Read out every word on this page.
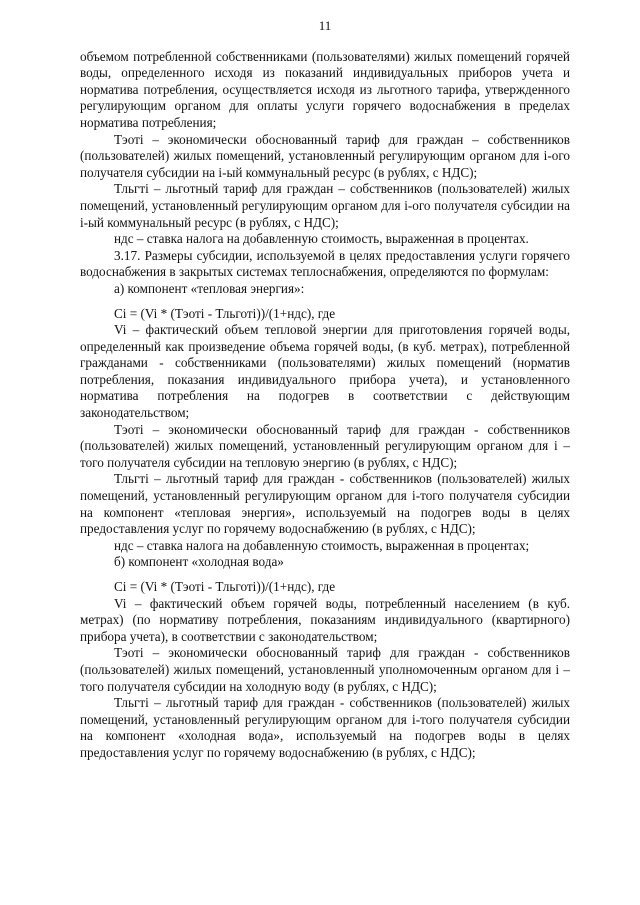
11

объемом потребленной собственниками (пользователями) жилых помещений горячей воды, определенного исходя из показаний индивидуальных приборов учета и норматива потребления, осуществляется исходя из льготного тарифа, утвержденного регулирующим органом для оплаты услуги горячего водоснабжения в пределах норматива потребления;

Тэотi – экономически обоснованный тариф для граждан – собственников (пользователей) жилых помещений, установленный регулирующим органом для i-ого получателя субсидии на i-ый коммунальный ресурс (в рублях, с НДС);

Тльгтi – льготный тариф для граждан – собственников (пользователей) жилых помещений, установленный регулирующим органом для i-ого получателя субсидии на i-ый коммунальный ресурс (в рублях, с НДС);

ндс – ставка налога на добавленную стоимость, выраженная в процентах.

3.17. Размеры субсидии, используемой в целях предоставления услуги горячего водоснабжения в закрытых системах теплоснабжения, определяются по формулам:

а) компонент «тепловая энергия»:

Ci = (Vi * (Тэотi - Тльготi))/(1+ндс), где

Vi – фактический объем тепловой энергии для приготовления горячей воды, определенный как произведение объема горячей воды, (в куб. метрах), потребленной гражданами - собственниками (пользователями) жилых помещений (норматив потребления, показания индивидуального прибора учета), и установленного норматива потребления на подогрев в соответствии с действующим законодательством;

Тэотi – экономически обоснованный тариф для граждан - собственников (пользователей) жилых помещений, установленный регулирующим органом для i –того получателя субсидии на тепловую энергию (в рублях, с НДС);

Тльгтi – льготный тариф для граждан - собственников (пользователей) жилых помещений, установленный регулирующим органом для i-того получателя субсидии на компонент «тепловая энергия», используемый на подогрев воды в целях предоставления услуг по горячему водоснабжению (в рублях, с НДС);

ндс – ставка налога на добавленную стоимость, выраженная в процентах;

б) компонент «холодная вода»

Ci = (Vi * (Тэотi - Тльготi))/(1+ндс), где

Vi – фактический объем горячей воды, потребленный населением (в куб. метрах) (по нормативу потребления, показаниям индивидуального (квартирного) прибора учета), в соответствии с законодательством;

Тэотi – экономически обоснованный тариф для граждан - собственников (пользователей) жилых помещений, установленный уполномоченным органом для i –того получателя субсидии на холодную воду (в рублях, с НДС);

Тльгтi – льготный тариф для граждан - собственников (пользователей) жилых помещений, установленный регулирующим органом для i-того получателя субсидии на компонент «холодная вода», используемый на подогрев воды в целях предоставления услуг по горячему водоснабжению (в рублях, с НДС);
